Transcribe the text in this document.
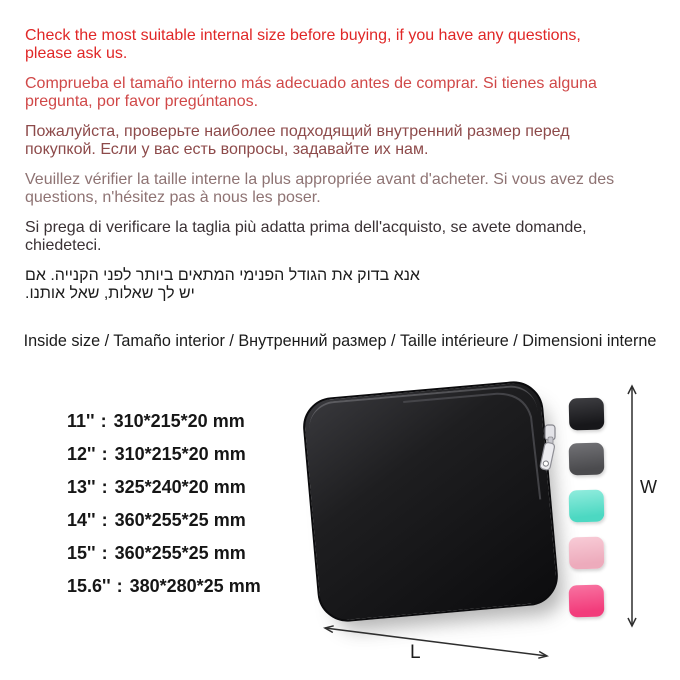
Check the most suitable internal size before buying, if you have any questions,
please ask us.

Comprueba el tamaño interno más adecuado antes de comprar. Si tienes alguna
pregunta, por favor pregúntanos.

Пожалуйста, проверьте наиболее подходящий внутренний размер перед
покупкой. Если у вас есть вопросы, задавайте их нам.

Veuillez vérifier la taille interne la plus appropriée avant d'acheter. Si vous avez des
questions, n'hésitez pas à nous les poser.

Si prega di verificare la taglia più adatta prima dell'acquisto, se avete domande,
chiedeteci.

אנא בדוק את הגודל הפנימי המתאים ביותר לפני הקנייה. אם
יש לך שאלות, שאל אותנו.

Inside size / Tamaño interior / Внутренний размер / Taille intérieure / Dimensioni interne
11'' : 310*215*20 mm
12'' : 310*215*20 mm
13'' : 325*240*20 mm
14'' : 360*255*25 mm
15'' : 360*255*25 mm
15.6'' : 380*280*25 mm
W
L
